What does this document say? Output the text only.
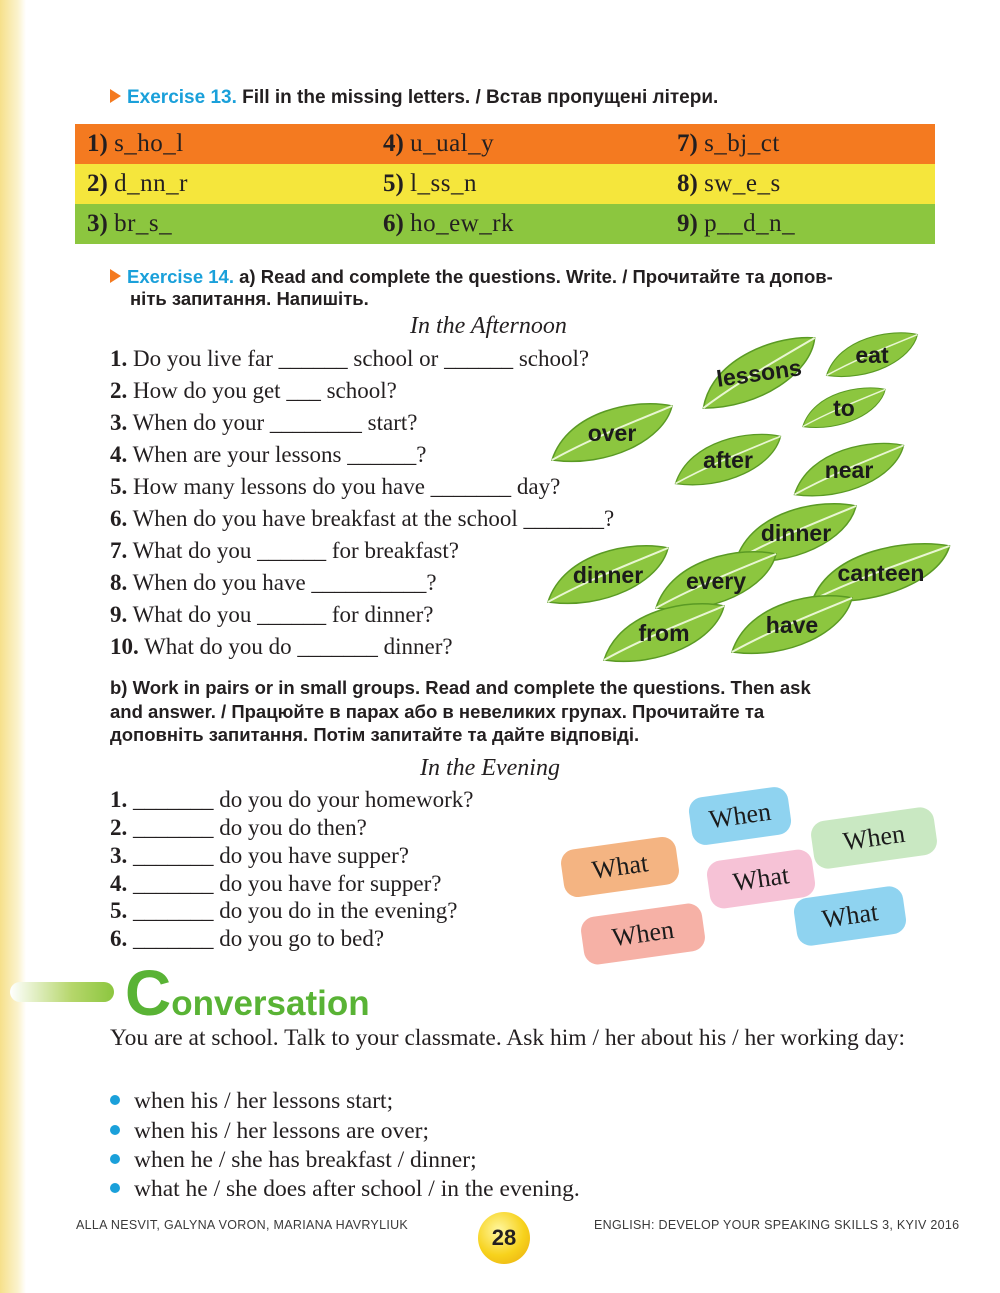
Exercise 13. Fill in the missing letters. / Встав пропущені літери.
1) s_ho_l	4) u_ual_y	7) s_bj_ct
2) d_nn_r	5) l_ss_n	8) sw_e_s
3) br_s_	6) ho_ew_rk	9) p__d_n_
Exercise 14. a) Read and complete the questions. Write. / Прочитайте та допов-
ніть запитання. Напишіть.
In the Afternoon
1. Do you live far ______ school or ______ school?
2. How do you get ___ school?
3. When do your ________ start?
4. When are your lessons ______?
5. How many lessons do you have _______ day?
6. When do you have breakfast at the school _______?
7. What do you ______ for breakfast?
8. When do you have __________?
9. What do you ______ for dinner?
10. What do you do _______ dinner?
lessons	eat
to
over
after	near
dinner
dinner	every	canteen
from	have
b) Work in pairs or in small groups. Read and complete the questions. Then ask
and answer. / Працюйте в парах або в невеликих групах. Прочитайте та
доповніть запитання. Потім запитайте та дайте відповіді.
In the Evening
1. _______ do you do your homework?
2. _______ do you do then?
3. _______ do you have supper?
4. _______ do you have for supper?
5. _______ do you do in the evening?
6. _______ do you go to bed?
When
When
What	What
What
When
Conversation
You are at school. Talk to your classmate. Ask him / her about his / her working day:
when his / her lessons start;
when his / her lessons are over;
when he / she has breakfast / dinner;
what he / she does after school / in the evening.
ALLA NESVIT, GALYNA VORON, MARIANA HAVRYLIUK	28	ENGLISH: DEVELOP YOUR SPEAKING SKILLS 3, KYIV 2016
